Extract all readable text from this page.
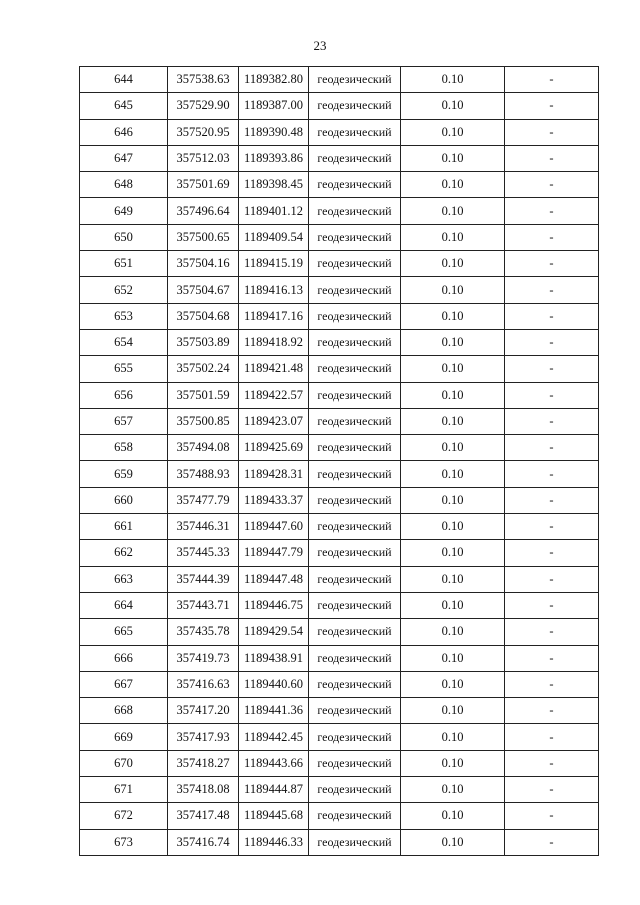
23
644	357538.63	1189382.80	геодезический	0.10	-
645	357529.90	1189387.00	геодезический	0.10	-
646	357520.95	1189390.48	геодезический	0.10	-
647	357512.03	1189393.86	геодезический	0.10	-
648	357501.69	1189398.45	геодезический	0.10	-
649	357496.64	1189401.12	геодезический	0.10	-
650	357500.65	1189409.54	геодезический	0.10	-
651	357504.16	1189415.19	геодезический	0.10	-
652	357504.67	1189416.13	геодезический	0.10	-
653	357504.68	1189417.16	геодезический	0.10	-
654	357503.89	1189418.92	геодезический	0.10	-
655	357502.24	1189421.48	геодезический	0.10	-
656	357501.59	1189422.57	геодезический	0.10	-
657	357500.85	1189423.07	геодезический	0.10	-
658	357494.08	1189425.69	геодезический	0.10	-
659	357488.93	1189428.31	геодезический	0.10	-
660	357477.79	1189433.37	геодезический	0.10	-
661	357446.31	1189447.60	геодезический	0.10	-
662	357445.33	1189447.79	геодезический	0.10	-
663	357444.39	1189447.48	геодезический	0.10	-
664	357443.71	1189446.75	геодезический	0.10	-
665	357435.78	1189429.54	геодезический	0.10	-
666	357419.73	1189438.91	геодезический	0.10	-
667	357416.63	1189440.60	геодезический	0.10	-
668	357417.20	1189441.36	геодезический	0.10	-
669	357417.93	1189442.45	геодезический	0.10	-
670	357418.27	1189443.66	геодезический	0.10	-
671	357418.08	1189444.87	геодезический	0.10	-
672	357417.48	1189445.68	геодезический	0.10	-
673	357416.74	1189446.33	геодезический	0.10	-
